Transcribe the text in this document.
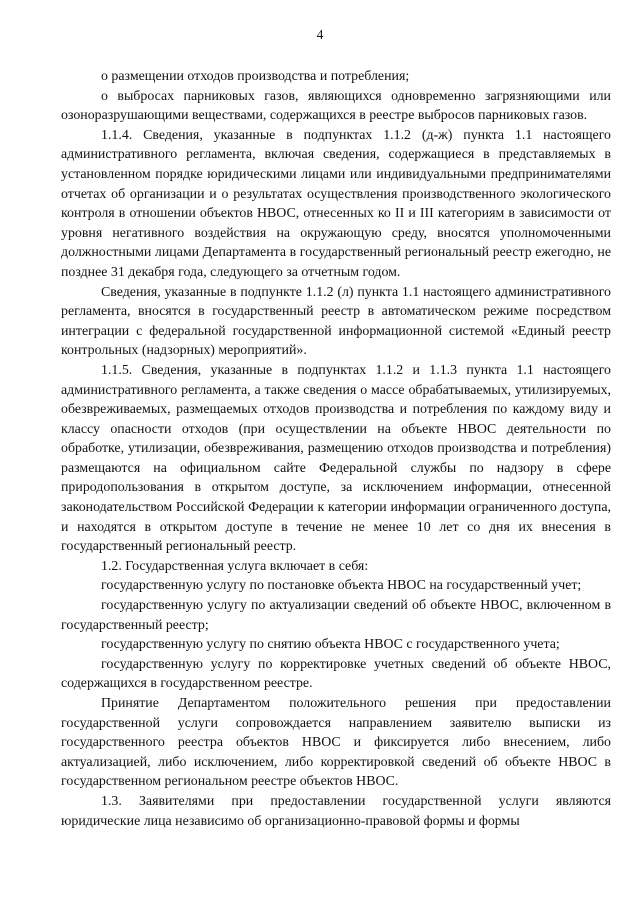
4

о размещении отходов производства и потребления;

о выбросах парниковых газов, являющихся одновременно загрязняющими или озоноразрушающими веществами, содержащихся в реестре выбросов парниковых газов.

1.1.4. Сведения, указанные в подпунктах 1.1.2 (д-ж) пункта 1.1 настоящего административного регламента, включая сведения, содержащиеся в представляемых в установленном порядке юридическими лицами или индивидуальными предпринимателями отчетах об организации и о результатах осуществления производственного экологического контроля в отношении объектов НВОС, отнесенных ко II и III категориям в зависимости от уровня негативного воздействия на окружающую среду, вносятся уполномоченными должностными лицами Департамента в государственный региональный реестр ежегодно, не позднее 31 декабря года, следующего за отчетным годом.

Сведения, указанные в подпункте 1.1.2 (л) пункта 1.1 настоящего административного регламента, вносятся в государственный реестр в автоматическом режиме посредством интеграции с федеральной государственной информационной системой «Единый реестр контрольных (надзорных) мероприятий».

1.1.5. Сведения, указанные в подпунктах 1.1.2 и 1.1.3 пункта 1.1 настоящего административного регламента, а также сведения о массе обрабатываемых, утилизируемых, обезвреживаемых, размещаемых отходов производства и потребления по каждому виду и классу опасности отходов (при осуществлении на объекте НВОС деятельности по обработке, утилизации, обезвреживания, размещению отходов производства и потребления) размещаются на официальном сайте Федеральной службы по надзору в сфере природопользования в открытом доступе, за исключением информации, отнесенной законодательством Российской Федерации к категории информации ограниченного доступа, и находятся в открытом доступе в течение не менее 10 лет со дня их внесения в государственный региональный реестр.

1.2. Государственная услуга включает в себя:

государственную услугу по постановке объекта НВОС на государственный учет;

государственную услугу по актуализации сведений об объекте НВОС, включенном в государственный реестр;

государственную услугу по снятию объекта НВОС с государственного учета;

государственную услугу по корректировке учетных сведений об объекте НВОС, содержащихся в государственном реестре.

Принятие Департаментом положительного решения при предоставлении государственной услуги сопровождается направлением заявителю выписки из государственного реестра объектов НВОС и фиксируется либо внесением, либо актуализацией, либо исключением, либо корректировкой сведений об объекте НВОС в государственном региональном реестре объектов НВОС.

1.3. Заявителями при предоставлении государственной услуги являются юридические лица независимо об организационно-правовой формы и формы
